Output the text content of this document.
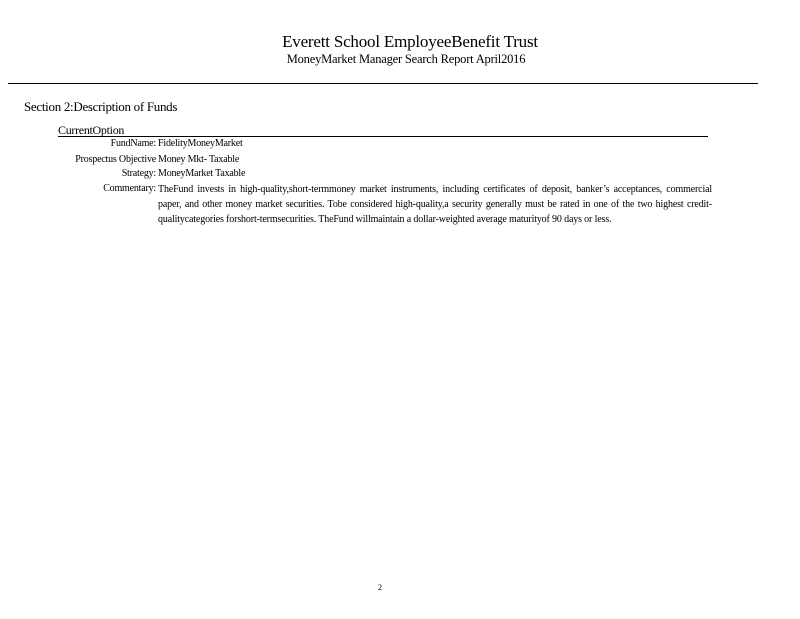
Everett School EmployeeBenefit Trust
MoneyMarket Manager Search Report April2016
Section 2:Description of Funds
CurrentOption
FundName: FidelityMoneyMarket
Prospectus Objective Money Mkt- Taxable
Strategy: MoneyMarket Taxable
Commentary: TheFund invests in high-quality,short-termmoney market instruments, including certificates of deposit, banker’s acceptances, commercial paper, and other money market securities. Tobe considered high-quality,a security generally must be rated in one of the two highest credit-qualitycategories forshort-termsecurities. TheFund willmaintain a dollar-weighted average maturityof 90 days or less.
2
